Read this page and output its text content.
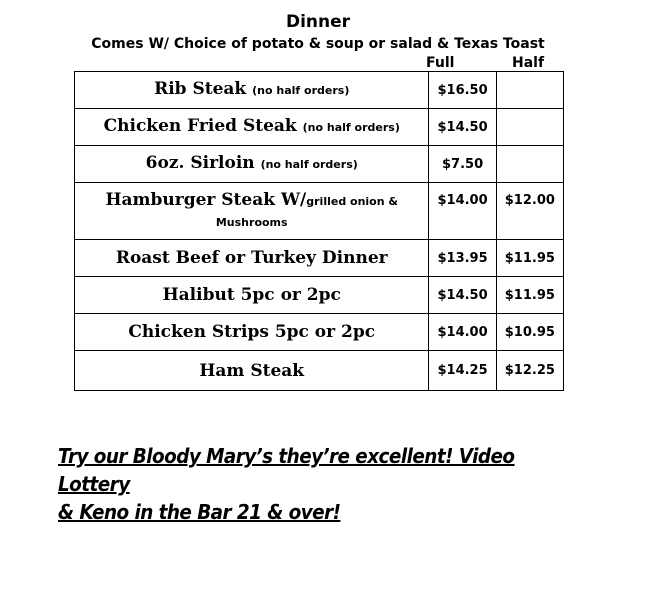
Dinner
Comes W/ Choice of potato & soup or salad & Texas Toast
Full	Half
Rib Steak (no half orders)	$16.50	
Chicken Fried Steak (no half orders)	$14.50	
6oz. Sirloin (no half orders)	$7.50	
Hamburger Steak W/grilled onion &
Mushrooms	$14.00	$12.00
Roast Beef or Turkey Dinner	$13.95	$11.95
Halibut 5pc or 2pc	$14.50	$11.95
Chicken Strips 5pc or 2pc	$14.00	$10.95
Ham Steak	$14.25	$12.25
Try our Bloody Mary’s they’re excellent! Video Lottery
& Keno in the Bar 21 & over!
